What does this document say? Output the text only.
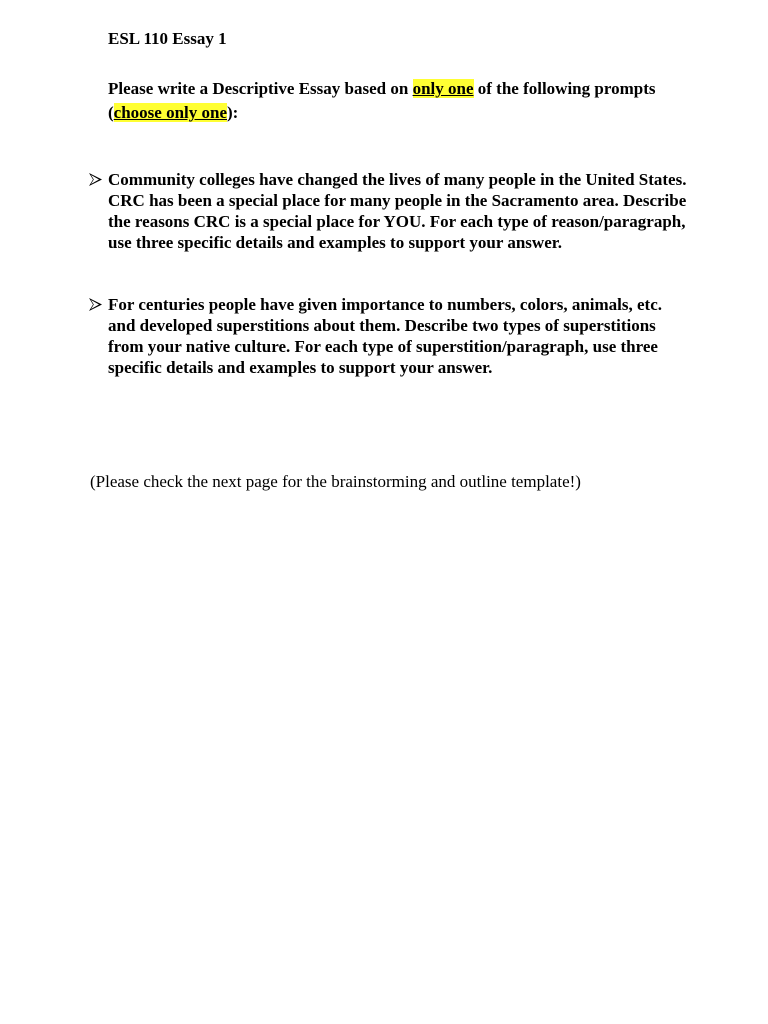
ESL 110 Essay 1
Please write a Descriptive Essay based on only one of the following prompts (choose only one):
Community colleges have changed the lives of many people in the United States. CRC has been a special place for many people in the Sacramento area. Describe the reasons CRC is a special place for YOU. For each type of reason/paragraph, use three specific details and examples to support your answer.
For centuries people have given importance to numbers, colors, animals, etc. and developed superstitions about them. Describe two types of superstitions from your native culture. For each type of superstition/paragraph, use three specific details and examples to support your answer.
(Please check the next page for the brainstorming and outline template!)
